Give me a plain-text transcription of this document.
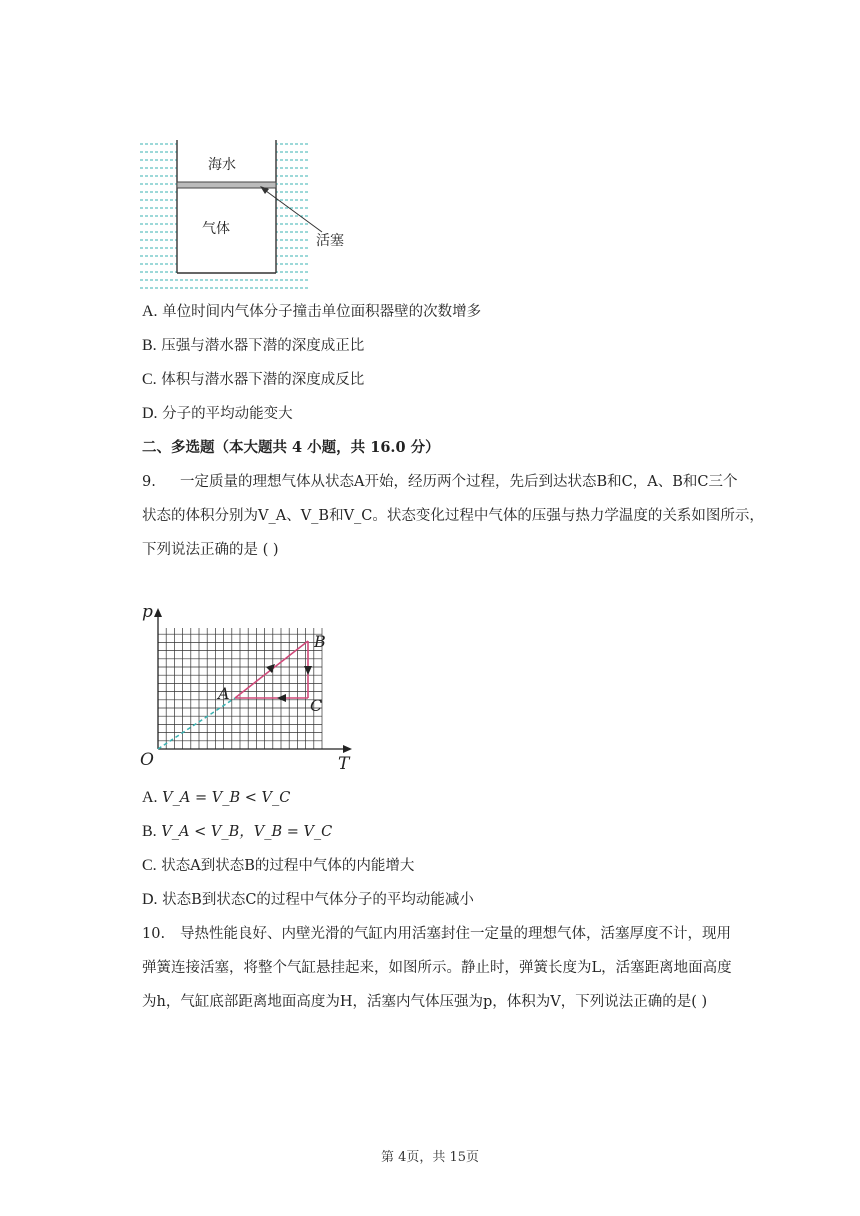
海水
气体
活塞
A. 单位时间内气体分子撞击单位面积器壁的次数增多
B. 压强与潜水器下潜的深度成正比
C. 体积与潜水器下潜的深度成反比
D. 分子的平均动能变大
二、多选题（本大题共 4 小题，共 16.0 分）
9. 一定质量的理想气体从状态A开始，经历两个过程，先后到达状态B和C，A、B和C三个
状态的体积分别为V_A、V_B和V_C。状态变化过程中气体的压强与热力学温度的关系如图所示，
下列说法正确的是 ( )
p
T
O
A
B
C
A. V_A = V_B < V_C
B. V_A < V_B，V_B = V_C
C. 状态A到状态B的过程中气体的内能增大
D. 状态B到状态C的过程中气体分子的平均动能减小
10. 导热性能良好、内壁光滑的气缸内用活塞封住一定量的理想气体，活塞厚度不计，现用
弹簧连接活塞，将整个气缸悬挂起来，如图所示。静止时，弹簧长度为L，活塞距离地面高度
为h，气缸底部距离地面高度为H，活塞内气体压强为p，体积为V，下列说法正确的是( )
第 4页，共 15页
